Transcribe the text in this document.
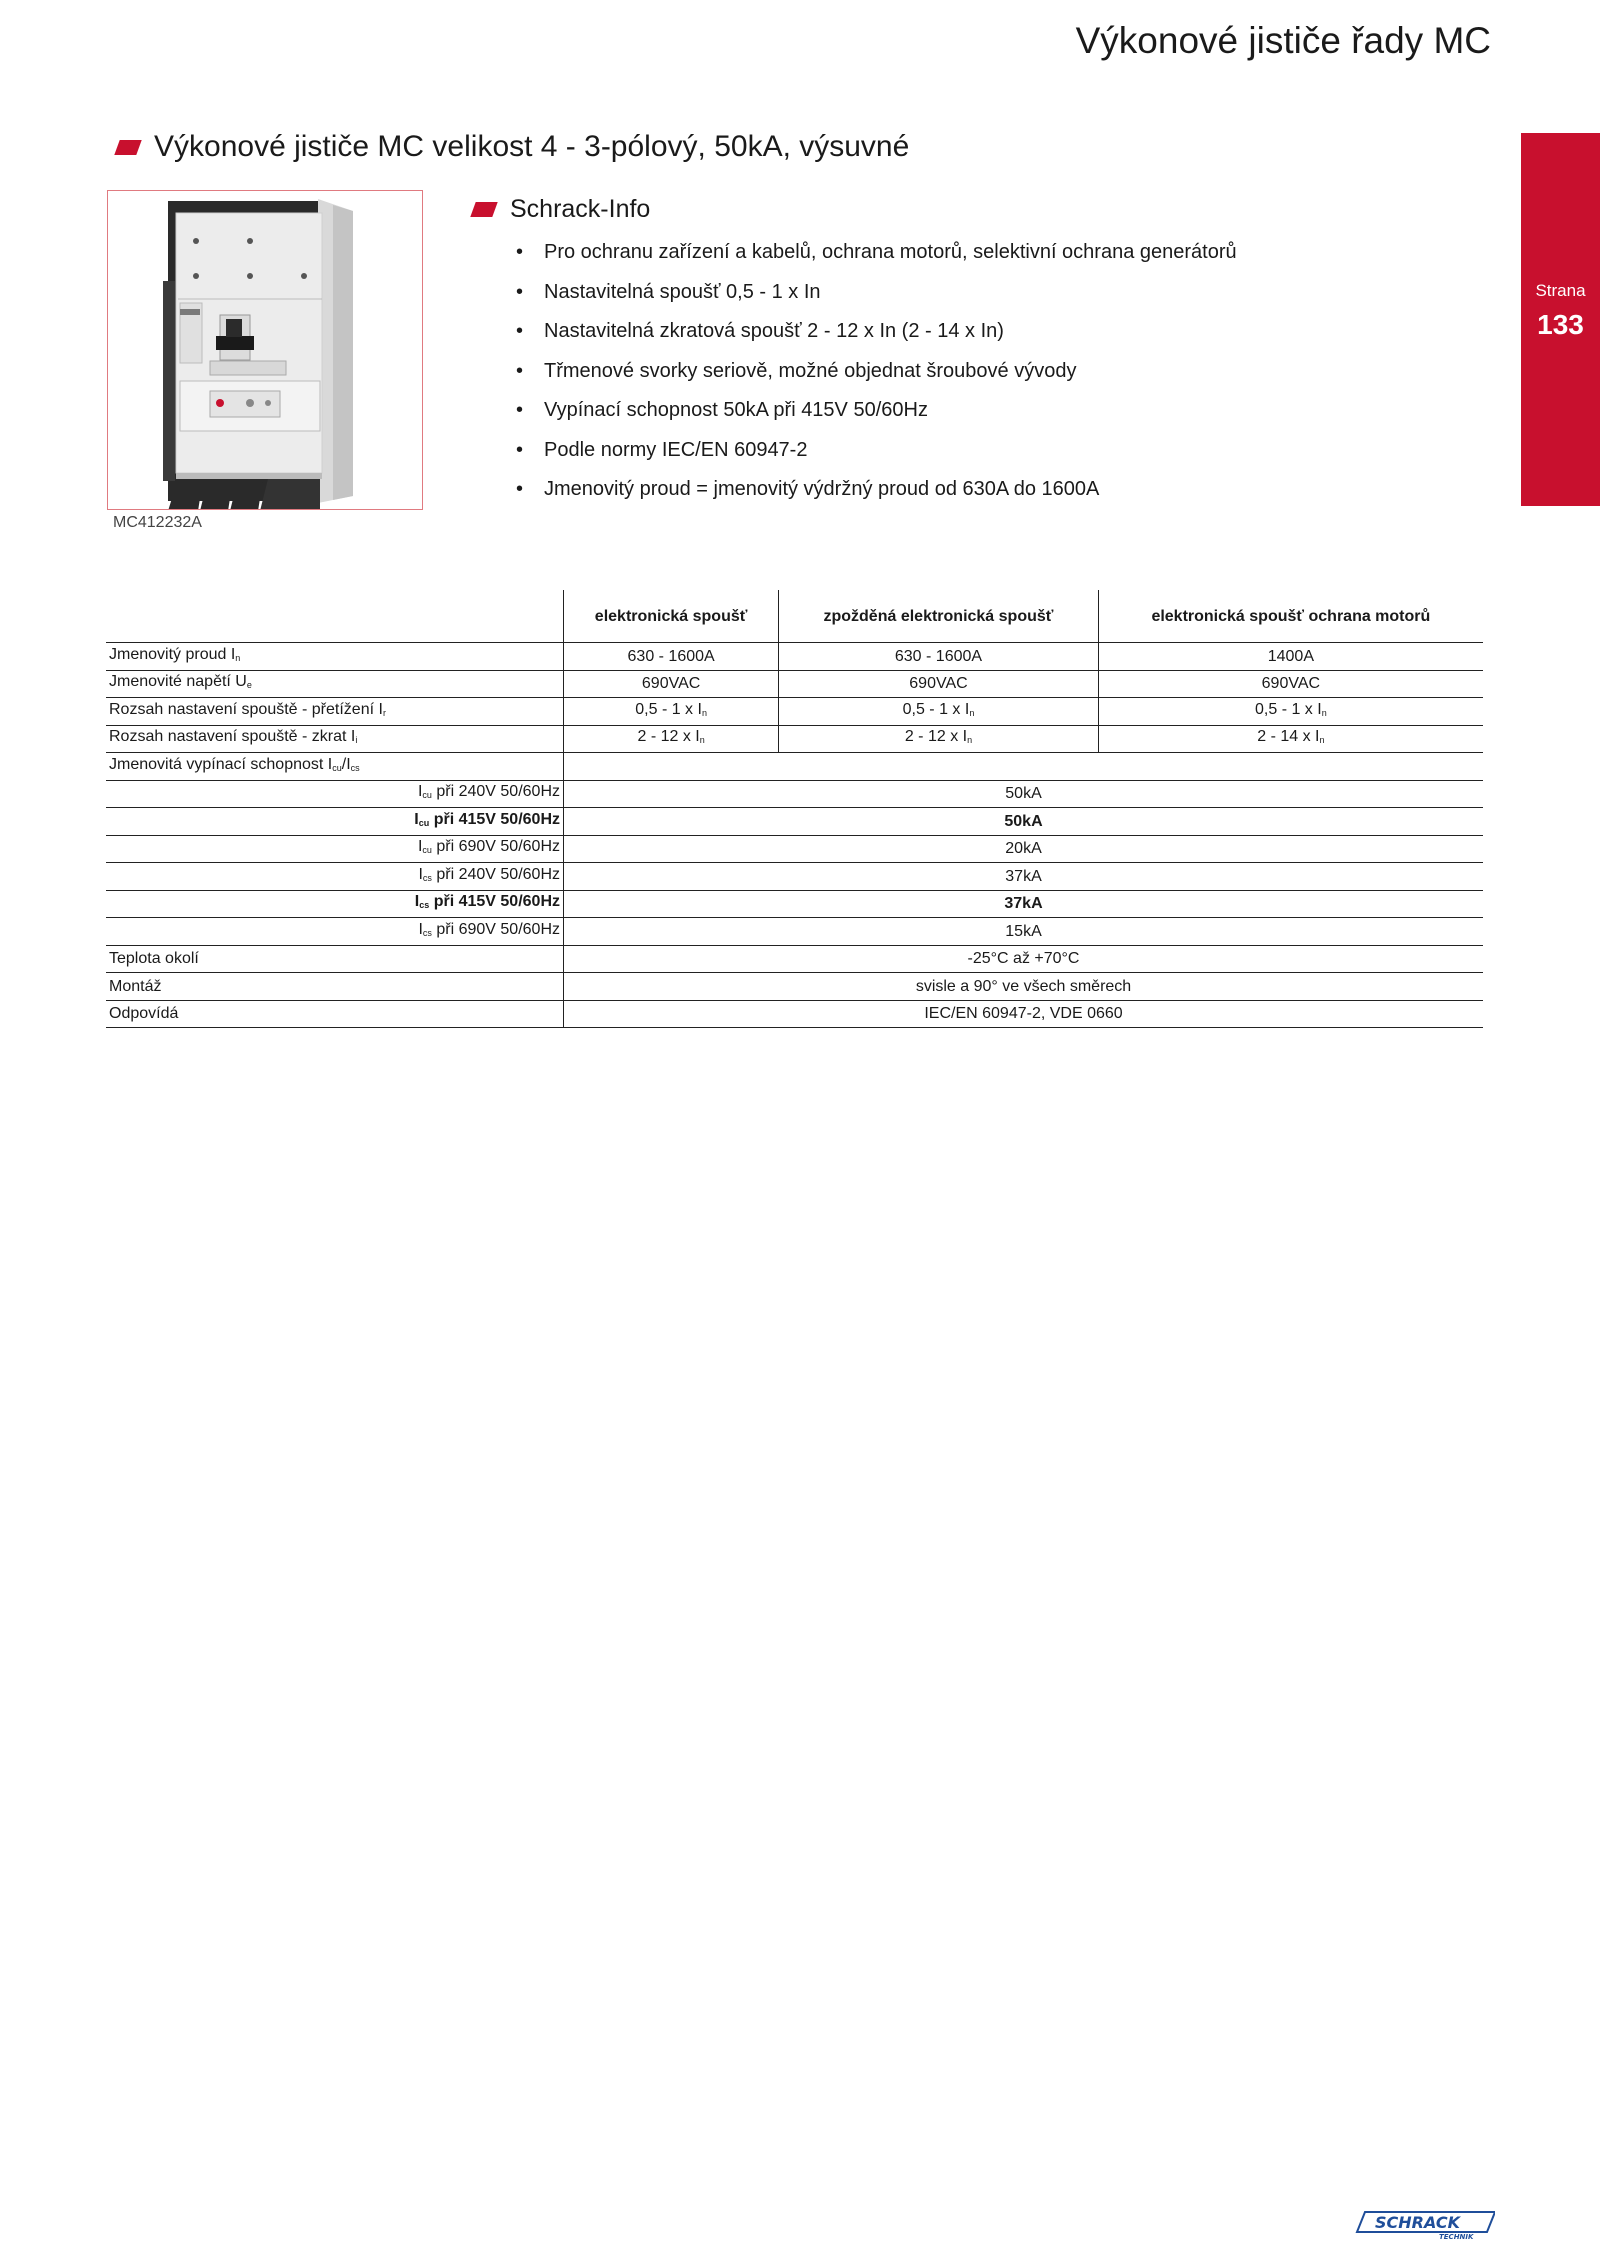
Výkonové jističe řady MC
Strana
133
Výkonové jističe MC velikost 4 - 3-pólový, 50kA, výsuvné
MC412232A
Schrack-Info
• Pro ochranu zařízení a kabelů, ochrana motorů, selektivní ochrana generátorů
• Nastavitelná spoušť 0,5 - 1 x In
• Nastavitelná zkratová spoušť 2 - 12 x In (2 - 14 x In)
• Třmenové svorky seriově, možné objednat šroubové vývody
• Vypínací schopnost 50kA při 415V 50/60Hz
• Podle normy IEC/EN 60947-2
• Jmenovitý proud = jmenovitý výdržný proud od 630A do 1600A
	elektronická spoušť	zpožděná elektronická spoušť	elektronická spoušť ochrana motorů
Jmenovitý proud $I_n$	630 - 1600A	630 - 1600A	1400A
Jmenovité napětí $U_e$	690VAC	690VAC	690VAC
Rozsah nastavení spouště - přetížení $I_r$	0,5 - 1 x $I_n$	0,5 - 1 x $I_n$	0,5 - 1 x $I_n$
Rozsah nastavení spouště - zkrat $I_i$	2 - 12 x $I_n$	2 - 12 x $I_n$	2 - 14 x $I_n$
Jmenovitá vypínací schopnost $I_{cu}/I_{cs}$	
$I_{cu}$ při 240V 50/60Hz	50kA		
$I_{cu}$ při 415V 50/60Hz	50kA		
$I_{cu}$ při 690V 50/60Hz	20kA		
$I_{cs}$ při 240V 50/60Hz	37kA		
$I_{cs}$ při 415V 50/60Hz	37kA		
$I_{cs}$ při 690V 50/60Hz	15kA		
Teplota okolí	-25°C až +70°C		
Montáž	svisle a 90° ve všech směrech		
Odpovídá	IEC/EN 60947-2, VDE 0660		
SCHRACK
TECHNIK
